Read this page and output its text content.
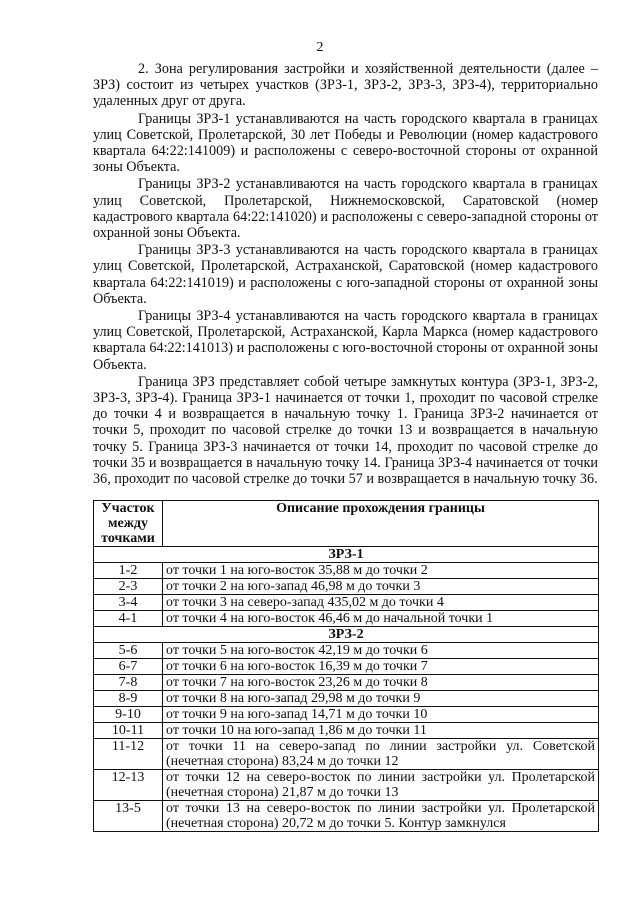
2

2. Зона регулирования застройки и хозяйственной деятельности (далее – ЗРЗ) состоит из четырех участков (ЗРЗ-1, ЗРЗ-2, ЗРЗ-3, ЗРЗ-4), территориально удаленных друг от друга.

Границы ЗРЗ-1 устанавливаются на часть городского квартала в границах улиц Советской, Пролетарской, 30 лет Победы и Революции (номер кадастрового квартала 64:22:141009) и расположены с северо-восточной стороны от охранной зоны Объекта.

Границы ЗРЗ-2 устанавливаются на часть городского квартала в границах улиц Советской, Пролетарской, Нижнемосковской, Саратовской (номер кадастрового квартала 64:22:141020) и расположены с северо-западной стороны от охранной зоны Объекта.

Границы ЗРЗ-3 устанавливаются на часть городского квартала в границах улиц Советской, Пролетарской, Астраханской, Саратовской (номер кадастрового квартала 64:22:141019) и расположены с юго-западной стороны от охранной зоны Объекта.

Границы ЗРЗ-4 устанавливаются на часть городского квартала в границах улиц Советской, Пролетарской, Астраханской, Карла Маркса (номер кадастрового квартала 64:22:141013) и расположены с юго-восточной стороны от охранной зоны Объекта.

Граница ЗРЗ представляет собой четыре замкнутых контура (ЗРЗ-1, ЗРЗ-2, ЗРЗ-3, ЗРЗ-4). Граница ЗРЗ-1 начинается от точки 1, проходит по часовой стрелке до точки 4 и возвращается в начальную точку 1. Граница ЗРЗ-2 начинается от точки 5, проходит по часовой стрелке до точки 13 и возвращается в начальную точку 5. Граница ЗРЗ-3 начинается от точки 14, проходит по часовой стрелке до точки 35 и возвращается в начальную точку 14. Граница ЗРЗ-4 начинается от точки 36, проходит по часовой стрелке до точки 57 и возвращается в начальную точку 36.

Участок между точками	Описание прохождения границы
ЗРЗ-1	
1-2	от точки 1 на юго-восток 35,88 м до точки 2
2-3	от точки 2 на юго-запад 46,98 м до точки 3
3-4	от точки 3 на северо-запад 435,02 м до точки 4
4-1	от точки 4 на юго-восток 46,46 м до начальной точки 1
ЗРЗ-2	
5-6	от точки 5 на юго-восток 42,19 м до точки 6
6-7	от точки 6 на юго-восток 16,39 м до точки 7
7-8	от точки 7 на юго-восток 23,26 м до точки 8
8-9	от точки 8 на юго-запад 29,98 м до точки 9
9-10	от точки 9 на юго-запад 14,71 м до точки 10
10-11	от точки 10 на юго-запад 1,86 м до точки 11
11-12	от точки 11 на северо-запад по линии застройки ул. Советской (нечетная сторона) 83,24 м до точки 12
12-13	от точки 12 на северо-восток по линии застройки ул. Пролетарской (нечетная сторона) 21,87 м до точки 13
13-5	от точки 13 на северо-восток по линии застройки ул. Пролетарской (нечетная сторона) 20,72 м до точки 5. Контур замкнулся
